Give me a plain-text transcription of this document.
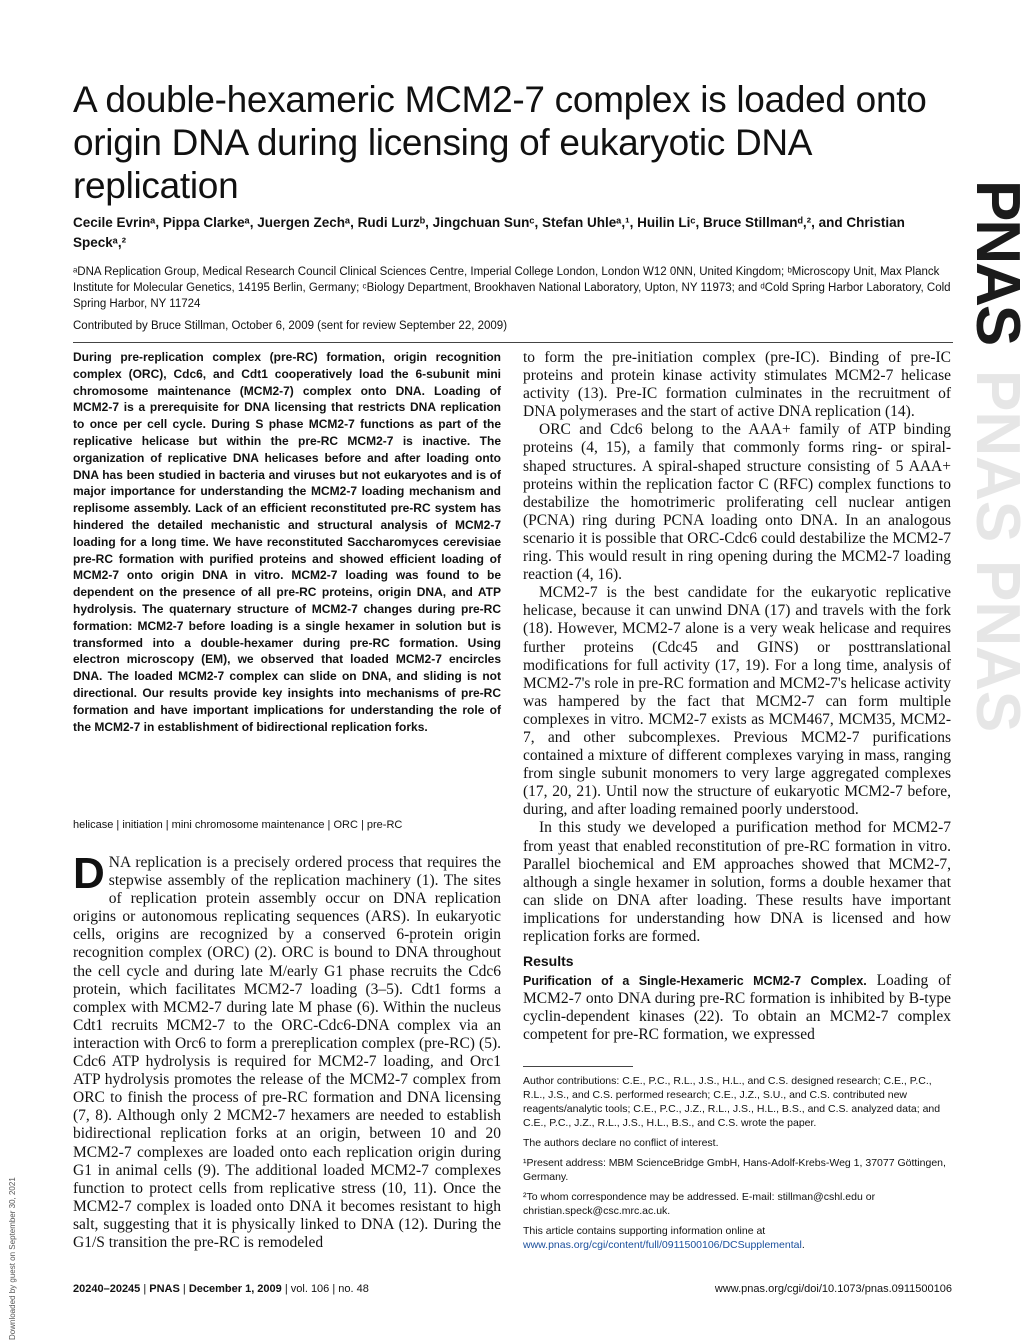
A double-hexameric MCM2-7 complex is loaded onto origin DNA during licensing of eukaryotic DNA replication
Cecile Evrinᵃ, Pippa Clarkeᵃ, Juergen Zechᵃ, Rudi Lurzᵇ, Jingchuan Sunᶜ, Stefan Uhleᵃ,¹, Huilin Liᶜ, Bruce Stillmanᵈ,², and Christian Speckᵃ,²
ᵃDNA Replication Group, Medical Research Council Clinical Sciences Centre, Imperial College London, London W12 0NN, United Kingdom; ᵇMicroscopy Unit, Max Planck Institute for Molecular Genetics, 14195 Berlin, Germany; ᶜBiology Department, Brookhaven National Laboratory, Upton, NY 11973; and ᵈCold Spring Harbor Laboratory, Cold Spring Harbor, NY 11724
Contributed by Bruce Stillman, October 6, 2009 (sent for review September 22, 2009)

During pre-replication complex (pre-RC) formation, origin recognition complex (ORC), Cdc6, and Cdt1 cooperatively load the 6-subunit mini chromosome maintenance (MCM2-7) complex onto DNA. Loading of MCM2-7 is a prerequisite for DNA licensing that restricts DNA replication to once per cell cycle. During S phase MCM2-7 functions as part of the replicative helicase but within the pre-RC MCM2-7 is inactive. The organization of replicative DNA helicases before and after loading onto DNA has been studied in bacteria and viruses but not eukaryotes and is of major importance for understanding the MCM2-7 loading mechanism and replisome assembly. Lack of an efficient reconstituted pre-RC system has hindered the detailed mechanistic and structural analysis of MCM2-7 loading for a long time. We have reconstituted Saccharomyces cerevisiae pre-RC formation with purified proteins and showed efficient loading of MCM2-7 onto origin DNA in vitro. MCM2-7 loading was found to be dependent on the presence of all pre-RC proteins, origin DNA, and ATP hydrolysis. The quaternary structure of MCM2-7 changes during pre-RC formation: MCM2-7 before loading is a single hexamer in solution but is transformed into a double-hexamer during pre-RC formation. Using electron microscopy (EM), we observed that loaded MCM2-7 encircles DNA. The loaded MCM2-7 complex can slide on DNA, and sliding is not directional. Our results provide key insights into mechanisms of pre-RC formation and have important implications for understanding the role of the MCM2-7 in establishment of bidirectional replication forks.

helicase | initiation | mini chromosome maintenance | ORC | pre-RC

DNA replication is a precisely ordered process that requires the stepwise assembly of the replication machinery (1). The sites of replication protein assembly occur on DNA replication origins or autonomous replicating sequences (ARS). In eukaryotic cells, origins are recognized by a conserved 6-protein origin recognition complex (ORC) (2). ORC is bound to DNA throughout the cell cycle and during late M/early G1 phase recruits the Cdc6 protein, which facilitates MCM2-7 loading (3–5). Cdt1 forms a complex with MCM2-7 during late M phase (6). Within the nucleus Cdt1 recruits MCM2-7 to the ORC-Cdc6-DNA complex via an interaction with Orc6 to form a prereplication complex (pre-RC) (5). Cdc6 ATP hydrolysis is required for MCM2-7 loading, and Orc1 ATP hydrolysis promotes the release of the MCM2-7 complex from ORC to finish the process of pre-RC formation and DNA licensing (7, 8). Although only 2 MCM2-7 hexamers are needed to establish bidirectional replication forks at an origin, between 10 and 20 MCM2-7 complexes are loaded onto each replication origin during G1 in animal cells (9). The additional loaded MCM2-7 complexes function to protect cells from replicative stress (10, 11). Once the MCM2-7 complex is loaded onto DNA it becomes resistant to high salt, suggesting that it is physically linked to DNA (12). During the G1/S transition the pre-RC is remodeled

to form the pre-initiation complex (pre-IC). Binding of pre-IC proteins and protein kinase activity stimulates MCM2-7 helicase activity (13). Pre-IC formation culminates in the recruitment of DNA polymerases and the start of active DNA replication (14).

ORC and Cdc6 belong to the AAA+ family of ATP binding proteins (4, 15), a family that commonly forms ring- or spiral-shaped structures. A spiral-shaped structure consisting of 5 AAA+ proteins within the replication factor C (RFC) complex functions to destabilize the homotrimeric proliferating cell nuclear antigen (PCNA) ring during PCNA loading onto DNA. In an analogous scenario it is possible that ORC-Cdc6 could destabilize the MCM2-7 ring. This would result in ring opening during the MCM2-7 loading reaction (4, 16).

MCM2-7 is the best candidate for the eukaryotic replicative helicase, because it can unwind DNA (17) and travels with the fork (18). However, MCM2-7 alone is a very weak helicase and requires further proteins (Cdc45 and GINS) or posttranslational modifications for full activity (17, 19). For a long time, analysis of MCM2-7's role in pre-RC formation and MCM2-7's helicase activity was hampered by the fact that MCM2-7 can form multiple complexes in vitro. MCM2-7 exists as MCM467, MCM35, MCM2-7, and other subcomplexes. Previous MCM2-7 purifications contained a mixture of different complexes varying in mass, ranging from single subunit monomers to very large aggregated complexes (17, 20, 21). Until now the structure of eukaryotic MCM2-7 before, during, and after loading remained poorly understood.

In this study we developed a purification method for MCM2-7 from yeast that enabled reconstitution of pre-RC formation in vitro. Parallel biochemical and EM approaches showed that MCM2-7, although a single hexamer in solution, forms a double hexamer that can slide on DNA after loading. These results have important implications for understanding how DNA is licensed and how replication forks are formed.

Results

Purification of a Single-Hexameric MCM2-7 Complex. Loading of MCM2-7 onto DNA during pre-RC formation is inhibited by B-type cyclin-dependent kinases (22). To obtain an MCM2-7 complex competent for pre-RC formation, we expressed

Author contributions: C.E., P.C., R.L., J.S., H.L., and C.S. designed research; C.E., P.C., R.L., J.S., and C.S. performed research; C.E., J.Z., S.U., and C.S. contributed new reagents/analytic tools; C.E., P.C., J.Z., R.L., J.S., H.L., B.S., and C.S. analyzed data; and C.E., P.C., J.Z., R.L., J.S., H.L., B.S., and C.S. wrote the paper.

The authors declare no conflict of interest.

¹Present address: MBM ScienceBridge GmbH, Hans-Adolf-Krebs-Weg 1, 37077 Göttingen, Germany.

²To whom correspondence may be addressed. E-mail: stillman@cshl.edu or christian.speck@csc.mrc.ac.uk.

This article contains supporting information online at www.pnas.org/cgi/content/full/0911500106/DCSupplemental.

20240–20245 | PNAS | December 1, 2009 | vol. 106 | no. 48	www.pnas.org/cgi/doi/10.1073/pnas.0911500106
PNAS
PNAS
PNAS
Downloaded by guest on September 30, 2021
